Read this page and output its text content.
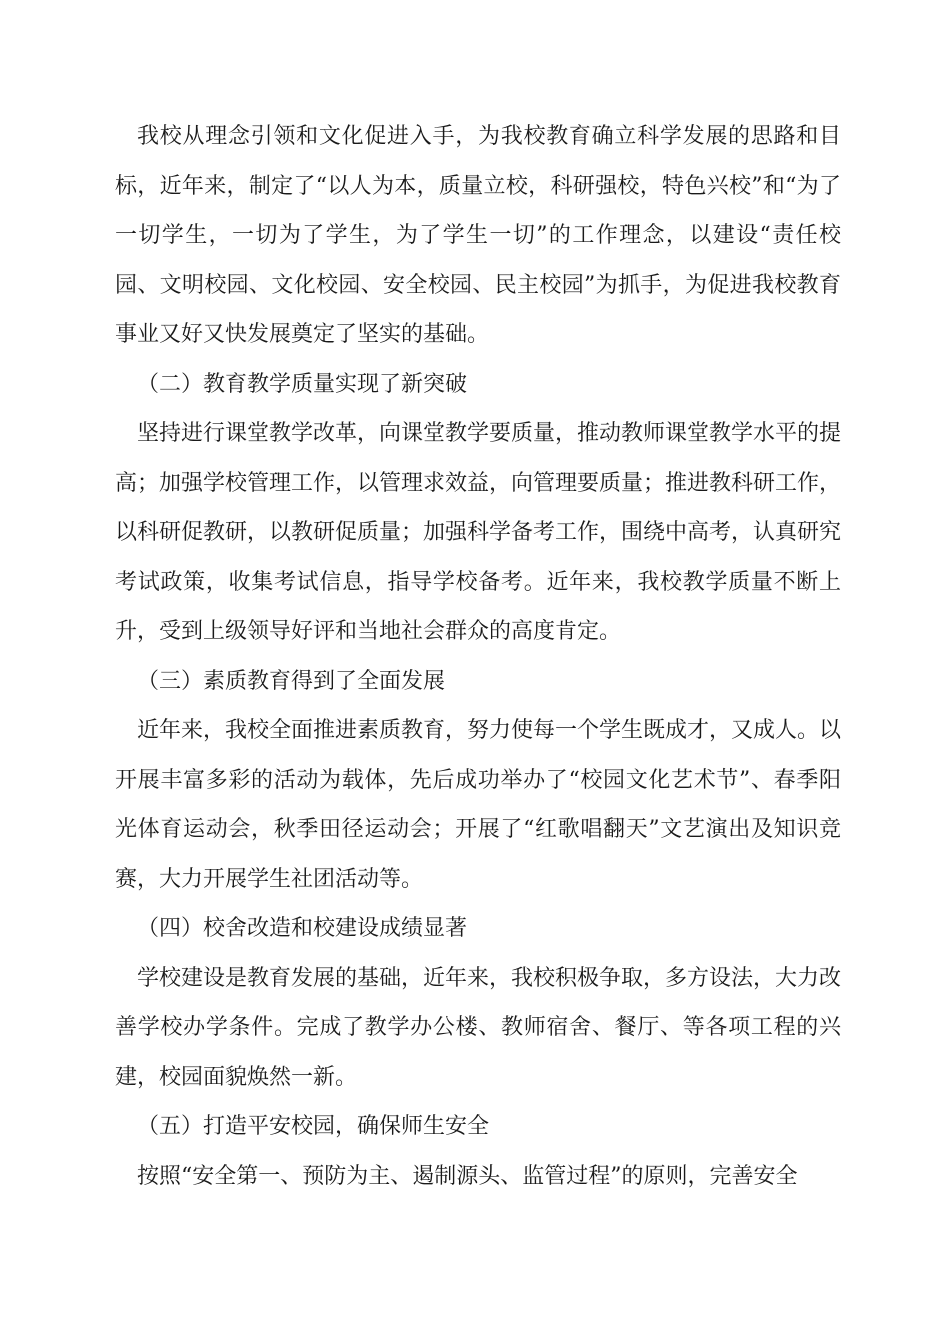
我校从理念引领和文化促进入手，为我校教育确立科学发展的思路和目标，近年来，制定了“以人为本，质量立校，科研强校，特色兴校”和“为了一切学生，一切为了学生，为了学生一切”的工作理念，以建设“责任校园、文明校园、文化校园、安全校园、民主校园”为抓手，为促进我校教育事业又好又快发展奠定了坚实的基础。

（二）教育教学质量实现了新突破

坚持进行课堂教学改革，向课堂教学要质量，推动教师课堂教学水平的提高；加强学校管理工作，以管理求效益，向管理要质量；推进教科研工作，以科研促教研，以教研促质量；加强科学备考工作，围绕中高考，认真研究考试政策，收集考试信息，指导学校备考。近年来，我校教学质量不断上升，受到上级领导好评和当地社会群众的高度肯定。

（三）素质教育得到了全面发展

近年来，我校全面推进素质教育，努力使每一个学生既成才，又成人。以开展丰富多彩的活动为载体，先后成功举办了“校园文化艺术节”、春季阳光体育运动会，秋季田径运动会；开展了“红歌唱翻天”文艺演出及知识竞赛，大力开展学生社团活动等。

（四）校舍改造和校建设成绩显著

学校建设是教育发展的基础，近年来，我校积极争取，多方设法，大力改善学校办学条件。完成了教学办公楼、教师宿舍、餐厅、等各项工程的兴建，校园面貌焕然一新。

（五）打造平安校园，确保师生安全

按照“安全第一、预防为主、遏制源头、监管过程”的原则，完善安全
